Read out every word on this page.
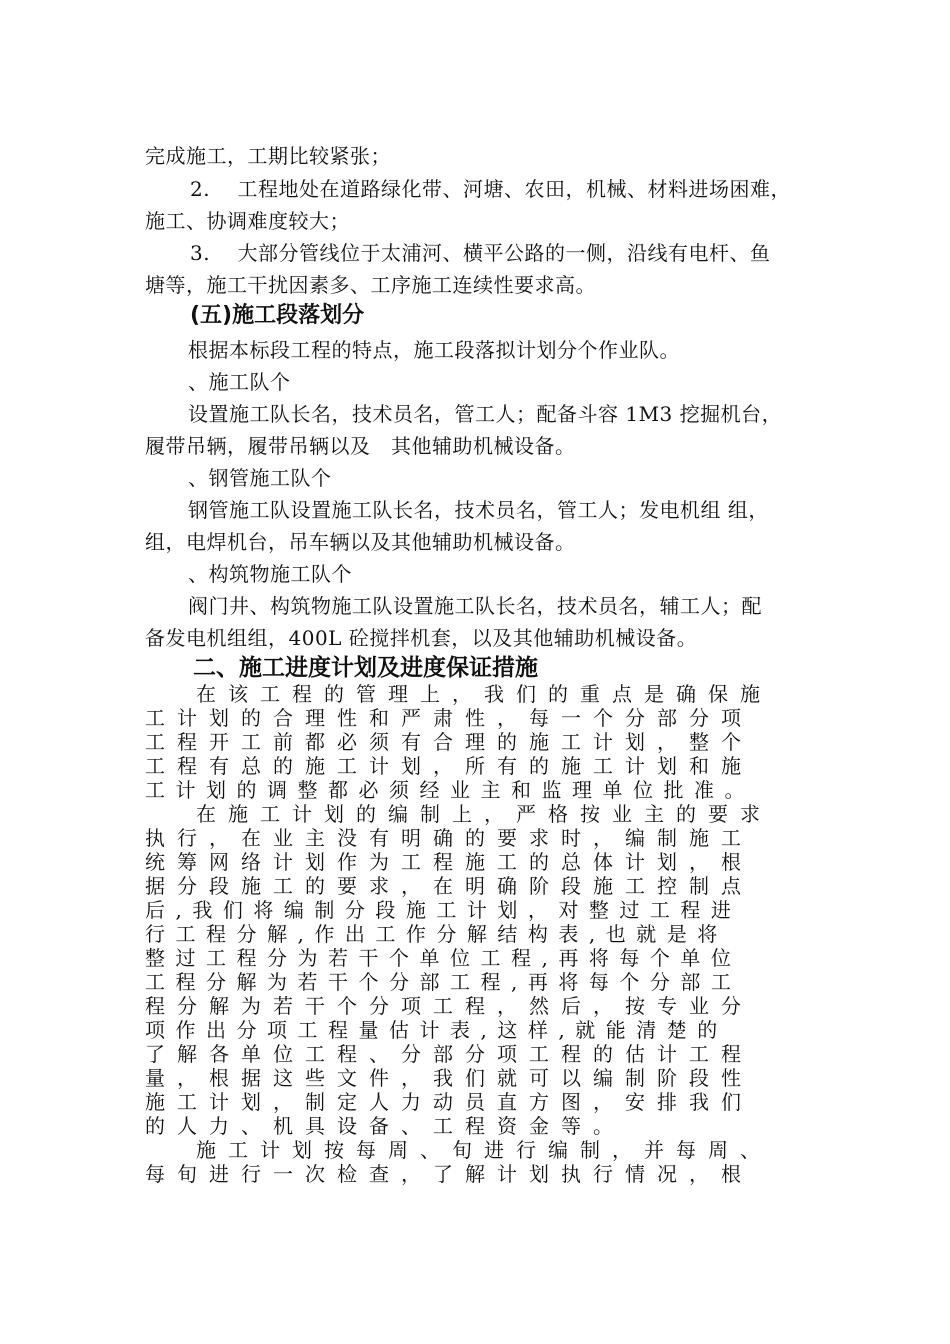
完成施工，工期比较紧张；
2.　 工程地处在道路绿化带、河塘、农田，机械、材料进场困难，
施工、协调难度较大；
3.　 大部分管线位于太浦河、横平公路的一侧，沿线有电杆、鱼
塘等，施工干扰因素多、工序施工连续性要求高。
(五)施工段落划分
根据本标段工程的特点，施工段落拟计划分个作业队。
、施工队个
设置施工队长名，技术员名，管工人；配备斗容 1M3 挖掘机台，
履带吊辆，履带吊辆以及　其他辅助机械设备。
、钢管施工队个
钢管施工队设置施工队长名，技术员名，管工人；发电机组 组，
组，电焊机台，吊车辆以及其他辅助机械设备。
、构筑物施工队个
阀门井、构筑物施工队设置施工队长名，技术员名，辅工人；配
备发电机组组，400L 砼搅拌机套，以及其他辅助机械设备。
二、施工进度计划及进度保证措施
在该工程的管理上，我们的重点是确保施
工计划的合理性和严肃性，每一个分部分项
工程开工前都必须有合理的施工计划，整个
工程有总的施工计划，所有的施工计划和施
工计划的调整都必须经业主和监理单位批准。
在施工计划的编制上，严格按业主的要求
执行，在业主没有明确的要求时，编制施工
统筹网络计划作为工程施工的总体计划，根
据分段施工的要求，在明确阶段施工控制点
后,我们将编制分段施工计划，对整过工程进
行工程分解,作出工作分解结构表,也就是将
整过工程分为若干个单位工程,再将每个单位
工程分解为若干个分部工程,再将每个分部工
程分解为若干个分项工程，然后，按专业分
项作出分项工程量估计表,这样,就能清楚的
了解各单位工程、分部分项工程的估计工程
量，根据这些文件，我们就可以编制阶段性
施工计划，制定人力动员直方图，安排我们
的人力、机具设备、工程资金等。
施工计划按每周、旬进行编制，并每周、
每旬进行一次检查，了解计划执行情况，根
